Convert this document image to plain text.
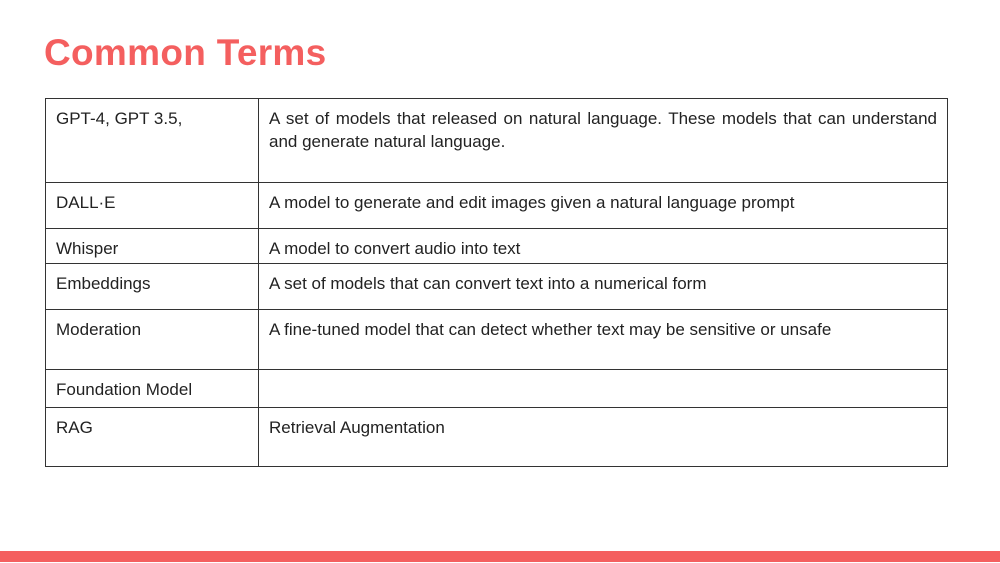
Common Terms
GPT-4, GPT 3.5,	A set of models that released on natural language. These models that can understand and generate natural language.
DALL·E	A model to generate and edit images given a natural language prompt
Whisper	A model to convert audio into text
Embeddings	A set of models that can convert text into a numerical form
Moderation	A fine-tuned model that can detect whether text may be sensitive or unsafe
Foundation Model	
RAG	Retrieval Augmentation
